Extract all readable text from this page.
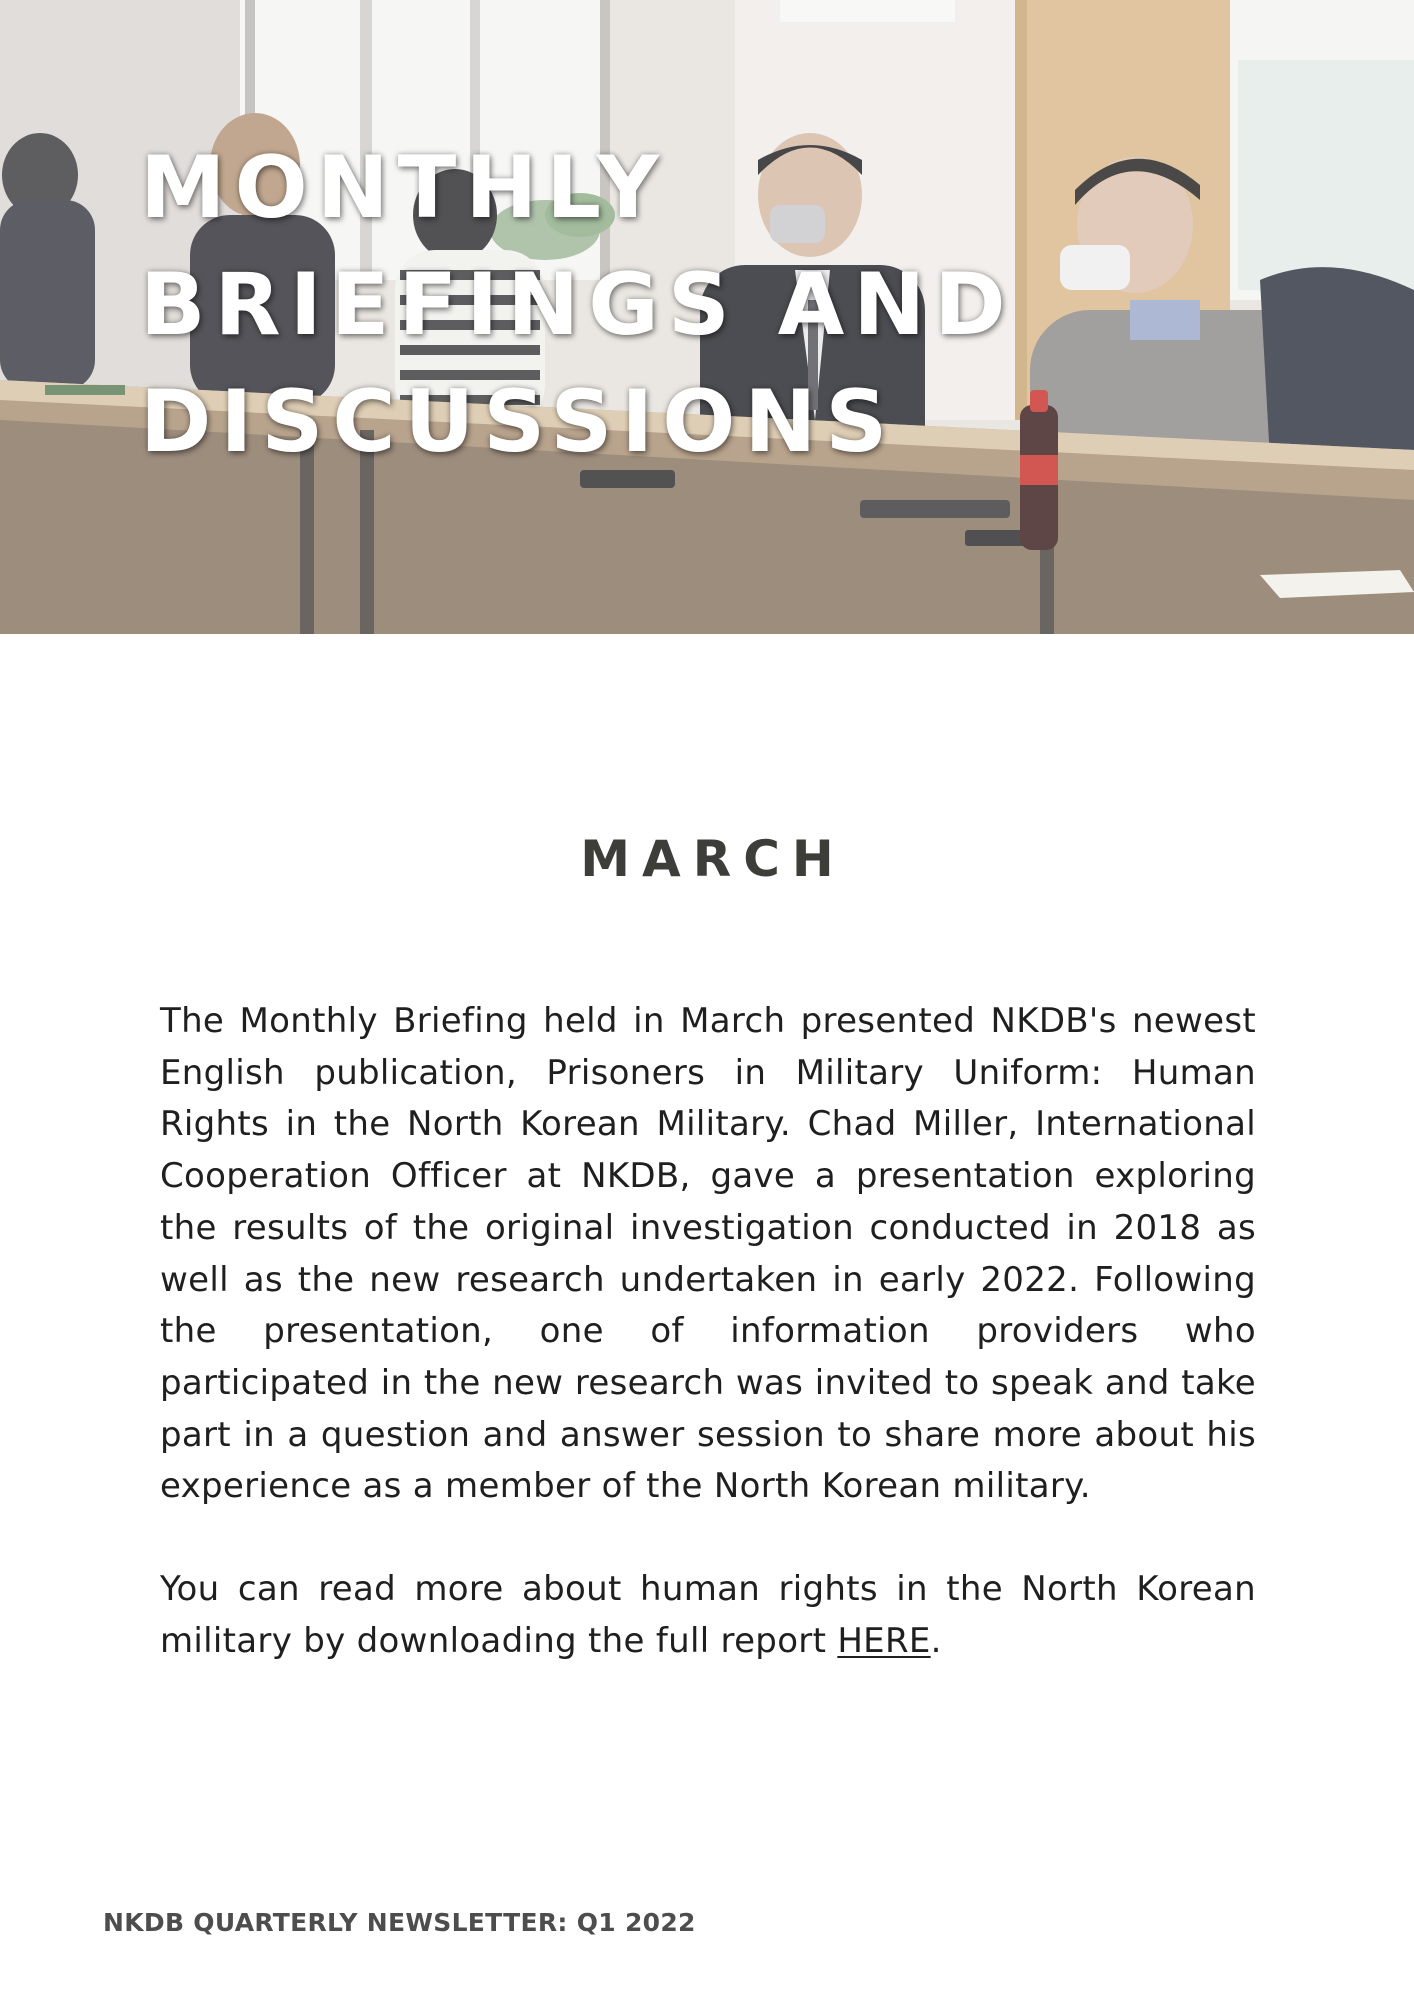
MONTHLY
BRIEFINGS AND
DISCUSSIONS
MARCH

The Monthly Briefing held in March presented NKDB's newest English publication, Prisoners in Military Uniform: Human Rights in the North Korean Military. Chad Miller, International Cooperation Officer at NKDB, gave a presentation exploring the results of the original investigation conducted in 2018 as well as the new research undertaken in early 2022. Following the presentation, one of information providers who participated in the new research was invited to speak and take part in a question and answer session to share more about his experience as a member of the North Korean military.

You can read more about human rights in the North Korean military by downloading the full report HERE.

NKDB QUARTERLY NEWSLETTER: Q1 2022
